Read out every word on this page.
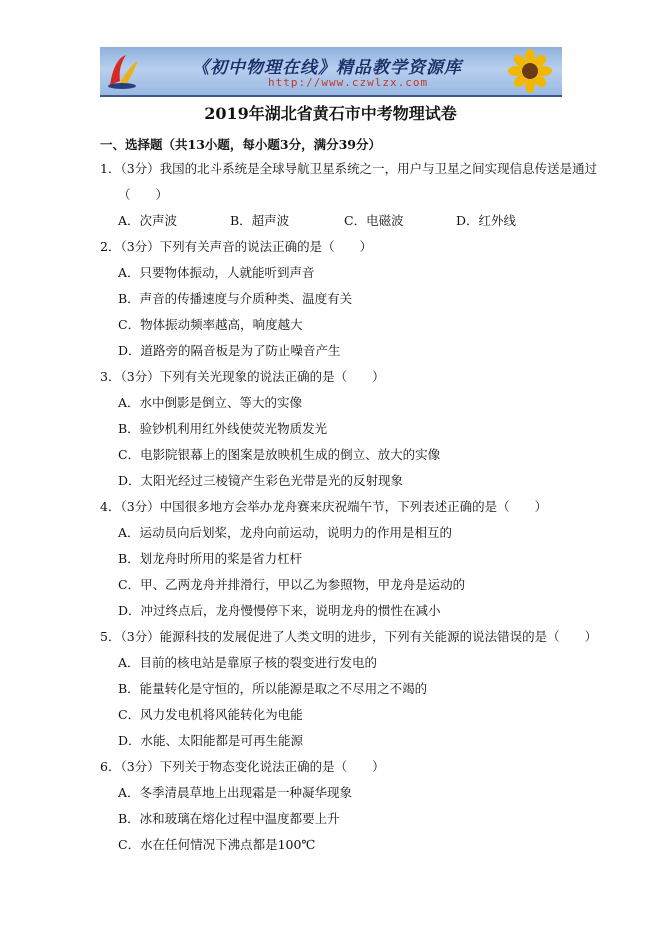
《初中物理在线》精品教学资源库
http://www.czwlzx.com
2019年湖北省黄石市中考物理试卷
一、选择题（共13小题，每小题3分，满分39分）
1．（3分）我国的北斗系统是全球导航卫星系统之一，用户与卫星之间实现信息传送是通过
（　　）
A．次声波	B．超声波	C．电磁波	D．红外线
2．（3分）下列有关声音的说法正确的是（　　）
A．只要物体振动，人就能听到声音
B．声音的传播速度与介质种类、温度有关
C．物体振动频率越高，响度越大
D．道路旁的隔音板是为了防止噪音产生
3．（3分）下列有关光现象的说法正确的是（　　）
A．水中倒影是倒立、等大的实像
B．验钞机利用红外线使荧光物质发光
C．电影院银幕上的图案是放映机生成的倒立、放大的实像
D．太阳光经过三棱镜产生彩色光带是光的反射现象
4．（3分）中国很多地方会举办龙舟赛来庆祝端午节，下列表述正确的是（　　）
A．运动员向后划桨，龙舟向前运动，说明力的作用是相互的
B．划龙舟时所用的桨是省力杠杆
C．甲、乙两龙舟并排滑行，甲以乙为参照物，甲龙舟是运动的
D．冲过终点后，龙舟慢慢停下来，说明龙舟的惯性在减小
5．（3分）能源科技的发展促进了人类文明的进步，下列有关能源的说法错误的是（　　）
A．目前的核电站是靠原子核的裂变进行发电的
B．能量转化是守恒的，所以能源是取之不尽用之不竭的
C．风力发电机将风能转化为电能
D．水能、太阳能都是可再生能源
6．（3分）下列关于物态变化说法正确的是（　　）
A．冬季清晨草地上出现霜是一种凝华现象
B．冰和玻璃在熔化过程中温度都要上升
C．水在任何情况下沸点都是100℃
